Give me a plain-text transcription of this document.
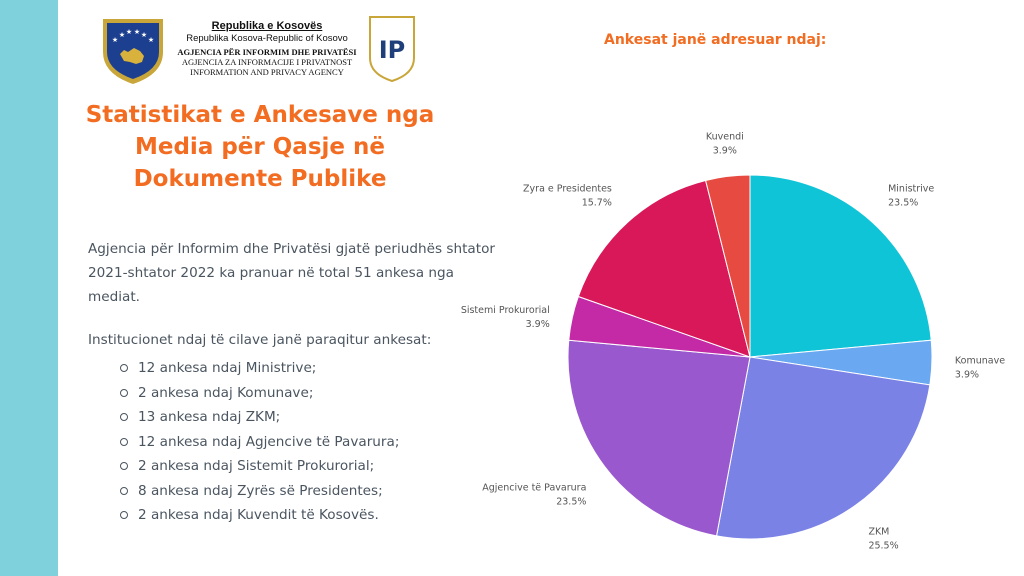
★
★ ★ ★ ★
★
Republika e Kosovës
Republika Kosova-Republic of Kosovo
AGJENCIA PËR INFORMIM DHE PRIVATËSI
AGJENCIA ZA INFORMACIJE I PRIVATNOST
INFORMATION AND PRIVACY AGENCY
IP
Statistikat e Ankesave nga Media për Qasje në Dokumente Publike

Agjencia për Informim dhe Privatësi gjatë periudhës shtator 2021-shtator 2022 ka pranuar në total 51 ankesa nga mediat.

Institucionet ndaj të cilave janë paraqitur ankesat:

12 ankesa ndaj Ministrive;
2 ankesa ndaj Komunave;
13 ankesa ndaj ZKM;
12 ankesa ndaj Agjencive të Pavarura;
2 ankesa ndaj Sistemit Prokurorial;
8 ankesa ndaj Zyrës së Presidentes;
2 ankesa ndaj Kuvendit të Kosovës.
Ankesat janë adresuar ndaj:
Ministrive
23.5%
Komunave
3.9%
ZKM
25.5%
Agjencive të Pavarura
23.5%
Sistemi Prokurorial
3.9%
Zyra e Presidentes
15.7%
Kuvendi
3.9%
